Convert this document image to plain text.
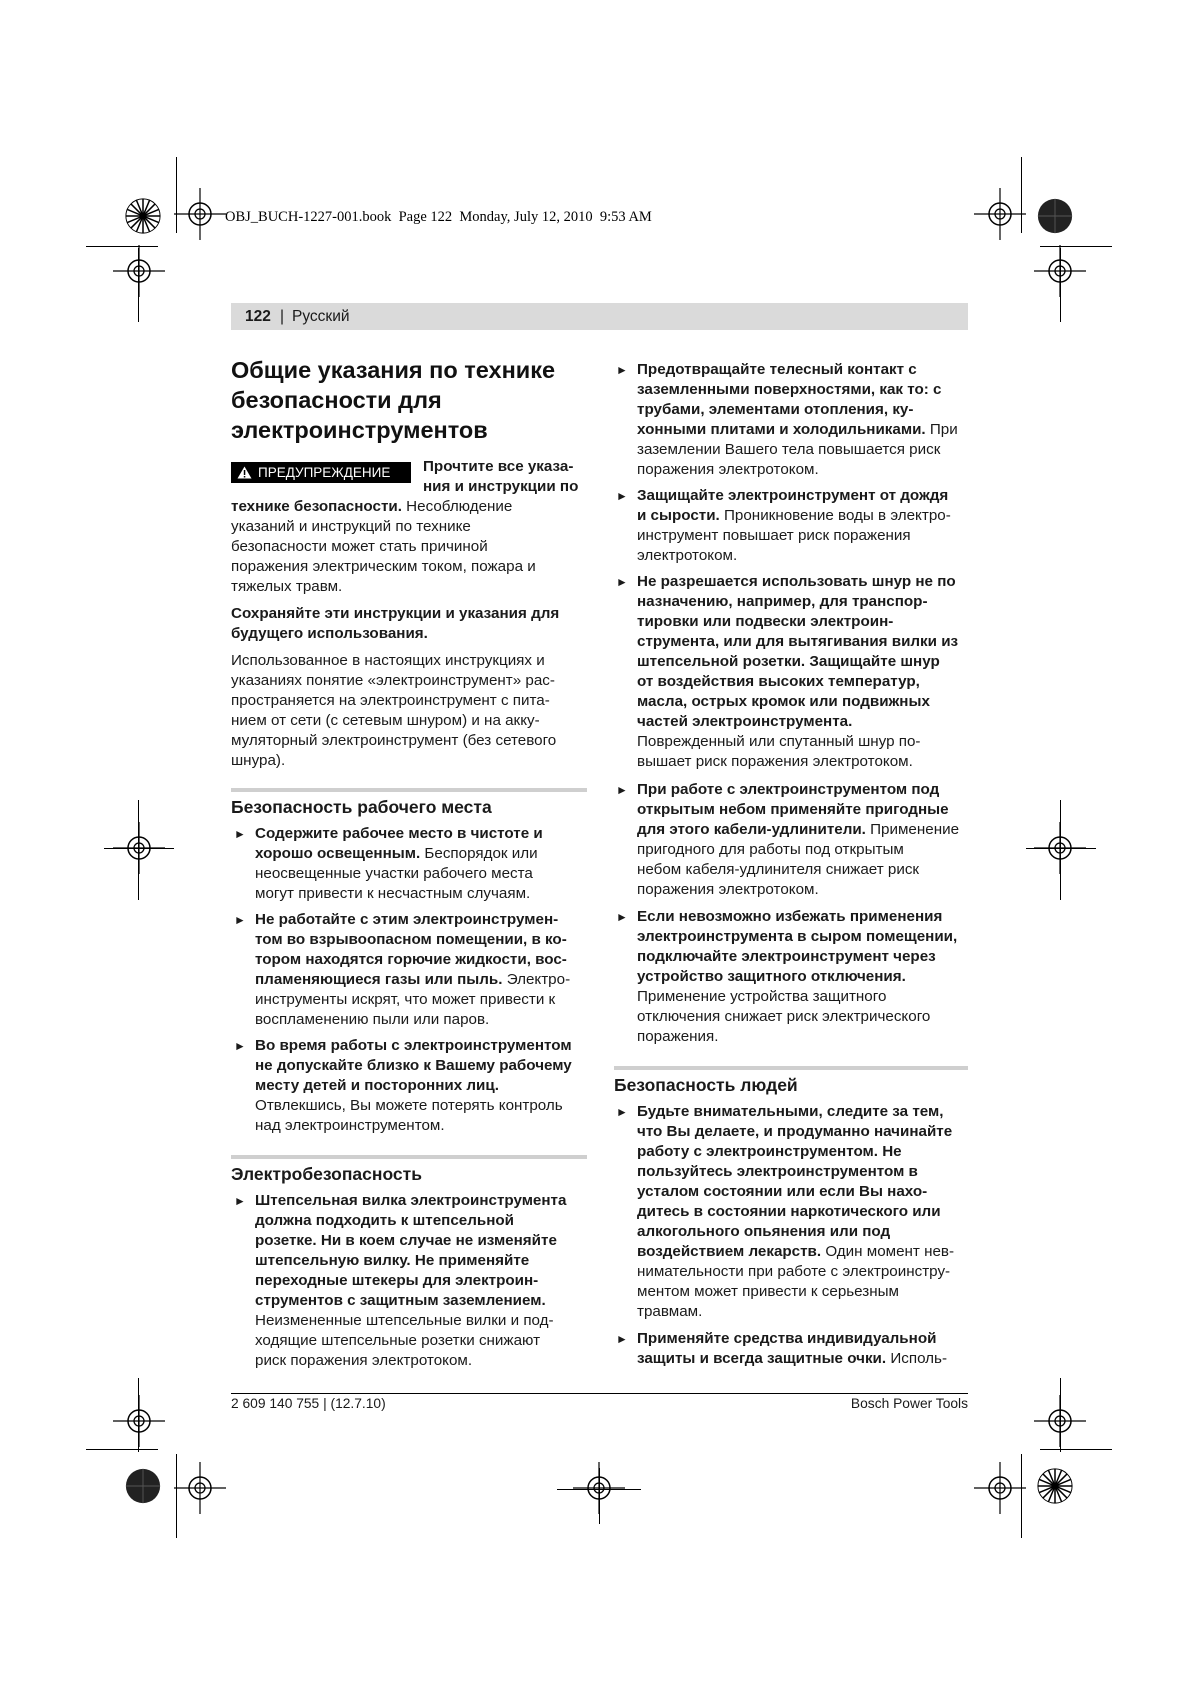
OBJ_BUCH-1227-001.book  Page 122  Monday, July 12, 2010  9:53 AM
122 | Русский
Общие указания по технике
безопасности для
электроинструментов
ПРЕДУПРЕЖДЕНИЕ Прочтите все указа-
ния и инструкции по
технике безопасности. Несоблюдение
указаний и инструкций по технике
безопасности может стать причиной
поражения электрическим током, пожара и
тяжелых травм.
Сохраняйте эти инструкции и указания для
будущего использования.
Использованное в настоящих инструкциях и
указаниях понятие «электроинструмент» рас-
пространяется на электроинструмент с пита-
нием от сети (с сетевым шнуром) и на акку-
муляторный электроинструмент (без сетевого
шнура).
Безопасность рабочего места
► Содержите рабочее место в чистоте и
хорошо освещенным. Беспорядок или
неосвещенные участки рабочего места
могут привести к несчастным случаям.
► Не работайте с этим электроинструмен-
том во взрывоопасном помещении, в ко-
тором находятся горючие жидкости, вос-
пламеняющиеся газы или пыль. Электро-
инструменты искрят, что может привести к
воспламенению пыли или паров.
► Во время работы с электроинструментом
не допускайте близко к Вашему рабочему
месту детей и посторонних лиц.
Отвлекшись, Вы можете потерять контроль
над электроинструментом.
Электробезопасность
► Штепсельная вилка электроинструмента
должна подходить к штепсельной
розетке. Ни в коем случае не изменяйте
штепсельную вилку. Не применяйте
переходные штекеры для электроин-
струментов с защитным заземлением.
Неизмененные штепсельные вилки и под-
ходящие штепсельные розетки снижают
риск поражения электротоком.
► Предотвращайте телесный контакт с
заземленными поверхностями, как то: с
трубами, элементами отопления, ку-
хонными плитами и холодильниками. При
заземлении Вашего тела повышается риск
поражения электротоком.
► Защищайте электроинструмент от дождя
и сырости. Проникновение воды в электро-
инструмент повышает риск поражения
электротоком.
► Не разрешается использовать шнур не по
назначению, например, для транспор-
тировки или подвески электроин-
струмента, или для вытягивания вилки из
штепсельной розетки. Защищайте шнур
от воздействия высоких температур,
масла, острых кромок или подвижных
частей электроинструмента.
Поврежденный или спутанный шнур по-
вышает риск поражения электротоком.
► При работе с электроинструментом под
открытым небом применяйте пригодные
для этого кабели-удлинители. Применение
пригодного для работы под открытым
небом кабеля-удлинителя снижает риск
поражения электротоком.
► Если невозможно избежать применения
электроинструмента в сыром помещении,
подключайте электроинструмент через
устройство защитного отключения.
Применение устройства защитного
отключения снижает риск электрического
поражения.
Безопасность людей
► Будьте внимательными, следите за тем,
что Вы делаете, и продуманно начинайте
работу с электроинструментом. Не
пользуйтесь электроинструментом в
усталом состоянии или если Вы нахо-
дитесь в состоянии наркотического или
алкогольного опьянения или под
воздействием лекарств. Один момент нев-
нимательности при работе с электроинстру-
ментом может привести к серьезным
травмам.
► Применяйте средства индивидуальной
защиты и всегда защитные очки. Исполь-
2 609 140 755 | (12.7.10)	Bosch Power Tools
